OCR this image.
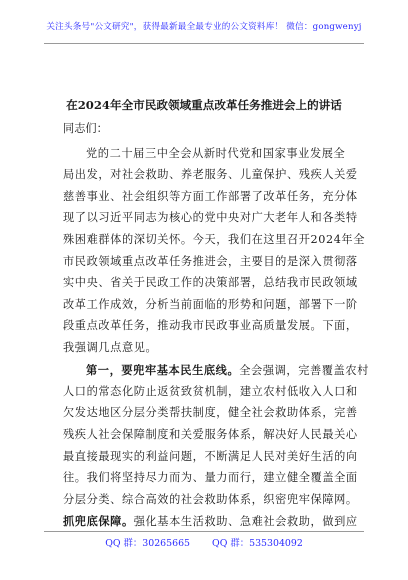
关注头条号"公文研究"，获得最新最全最专业的公文资料库！ 微信：gongwenyj
在2024年全市民政领域重点改革任务推进会上的讲话
同志们：
党的二十届三中全会从新时代党和国家事业发展全
局出发，对社会救助、养老服务、儿童保护、残疾人关爱
慈善事业、社会组织等方面工作部署了改革任务，充分体
现了以习近平同志为核心的党中央对广大老年人和各类特
殊困难群体的深切关怀。今天，我们在这里召开2024年全
市民政领域重点改革任务推进会，主要目的是深入贯彻落
实中央、省关于民政工作的决策部署，总结我市民政领域
改革工作成效，分析当前面临的形势和问题，部署下一阶
段重点改革任务，推动我市民政事业高质量发展。下面，
我强调几点意见。
第一，要兜牢基本民生底线。全会强调，完善覆盖农村
人口的常态化防止返贫致贫机制，建立农村低收入人口和
欠发达地区分层分类帮扶制度，健全社会救助体系，完善
残疾人社会保障制度和关爱服务体系，解决好人民最关心
最直接最现实的利益问题，不断满足人民对美好生活的向
往。我们将坚持尽力而为、量力而行，建立健全覆盖全面
分层分类、综合高效的社会救助体系，织密兜牢保障网。
抓兜底保障。强化基本生活救助、急难社会救助，做到应
QQ 群：30265665 QQ 群：535304092
